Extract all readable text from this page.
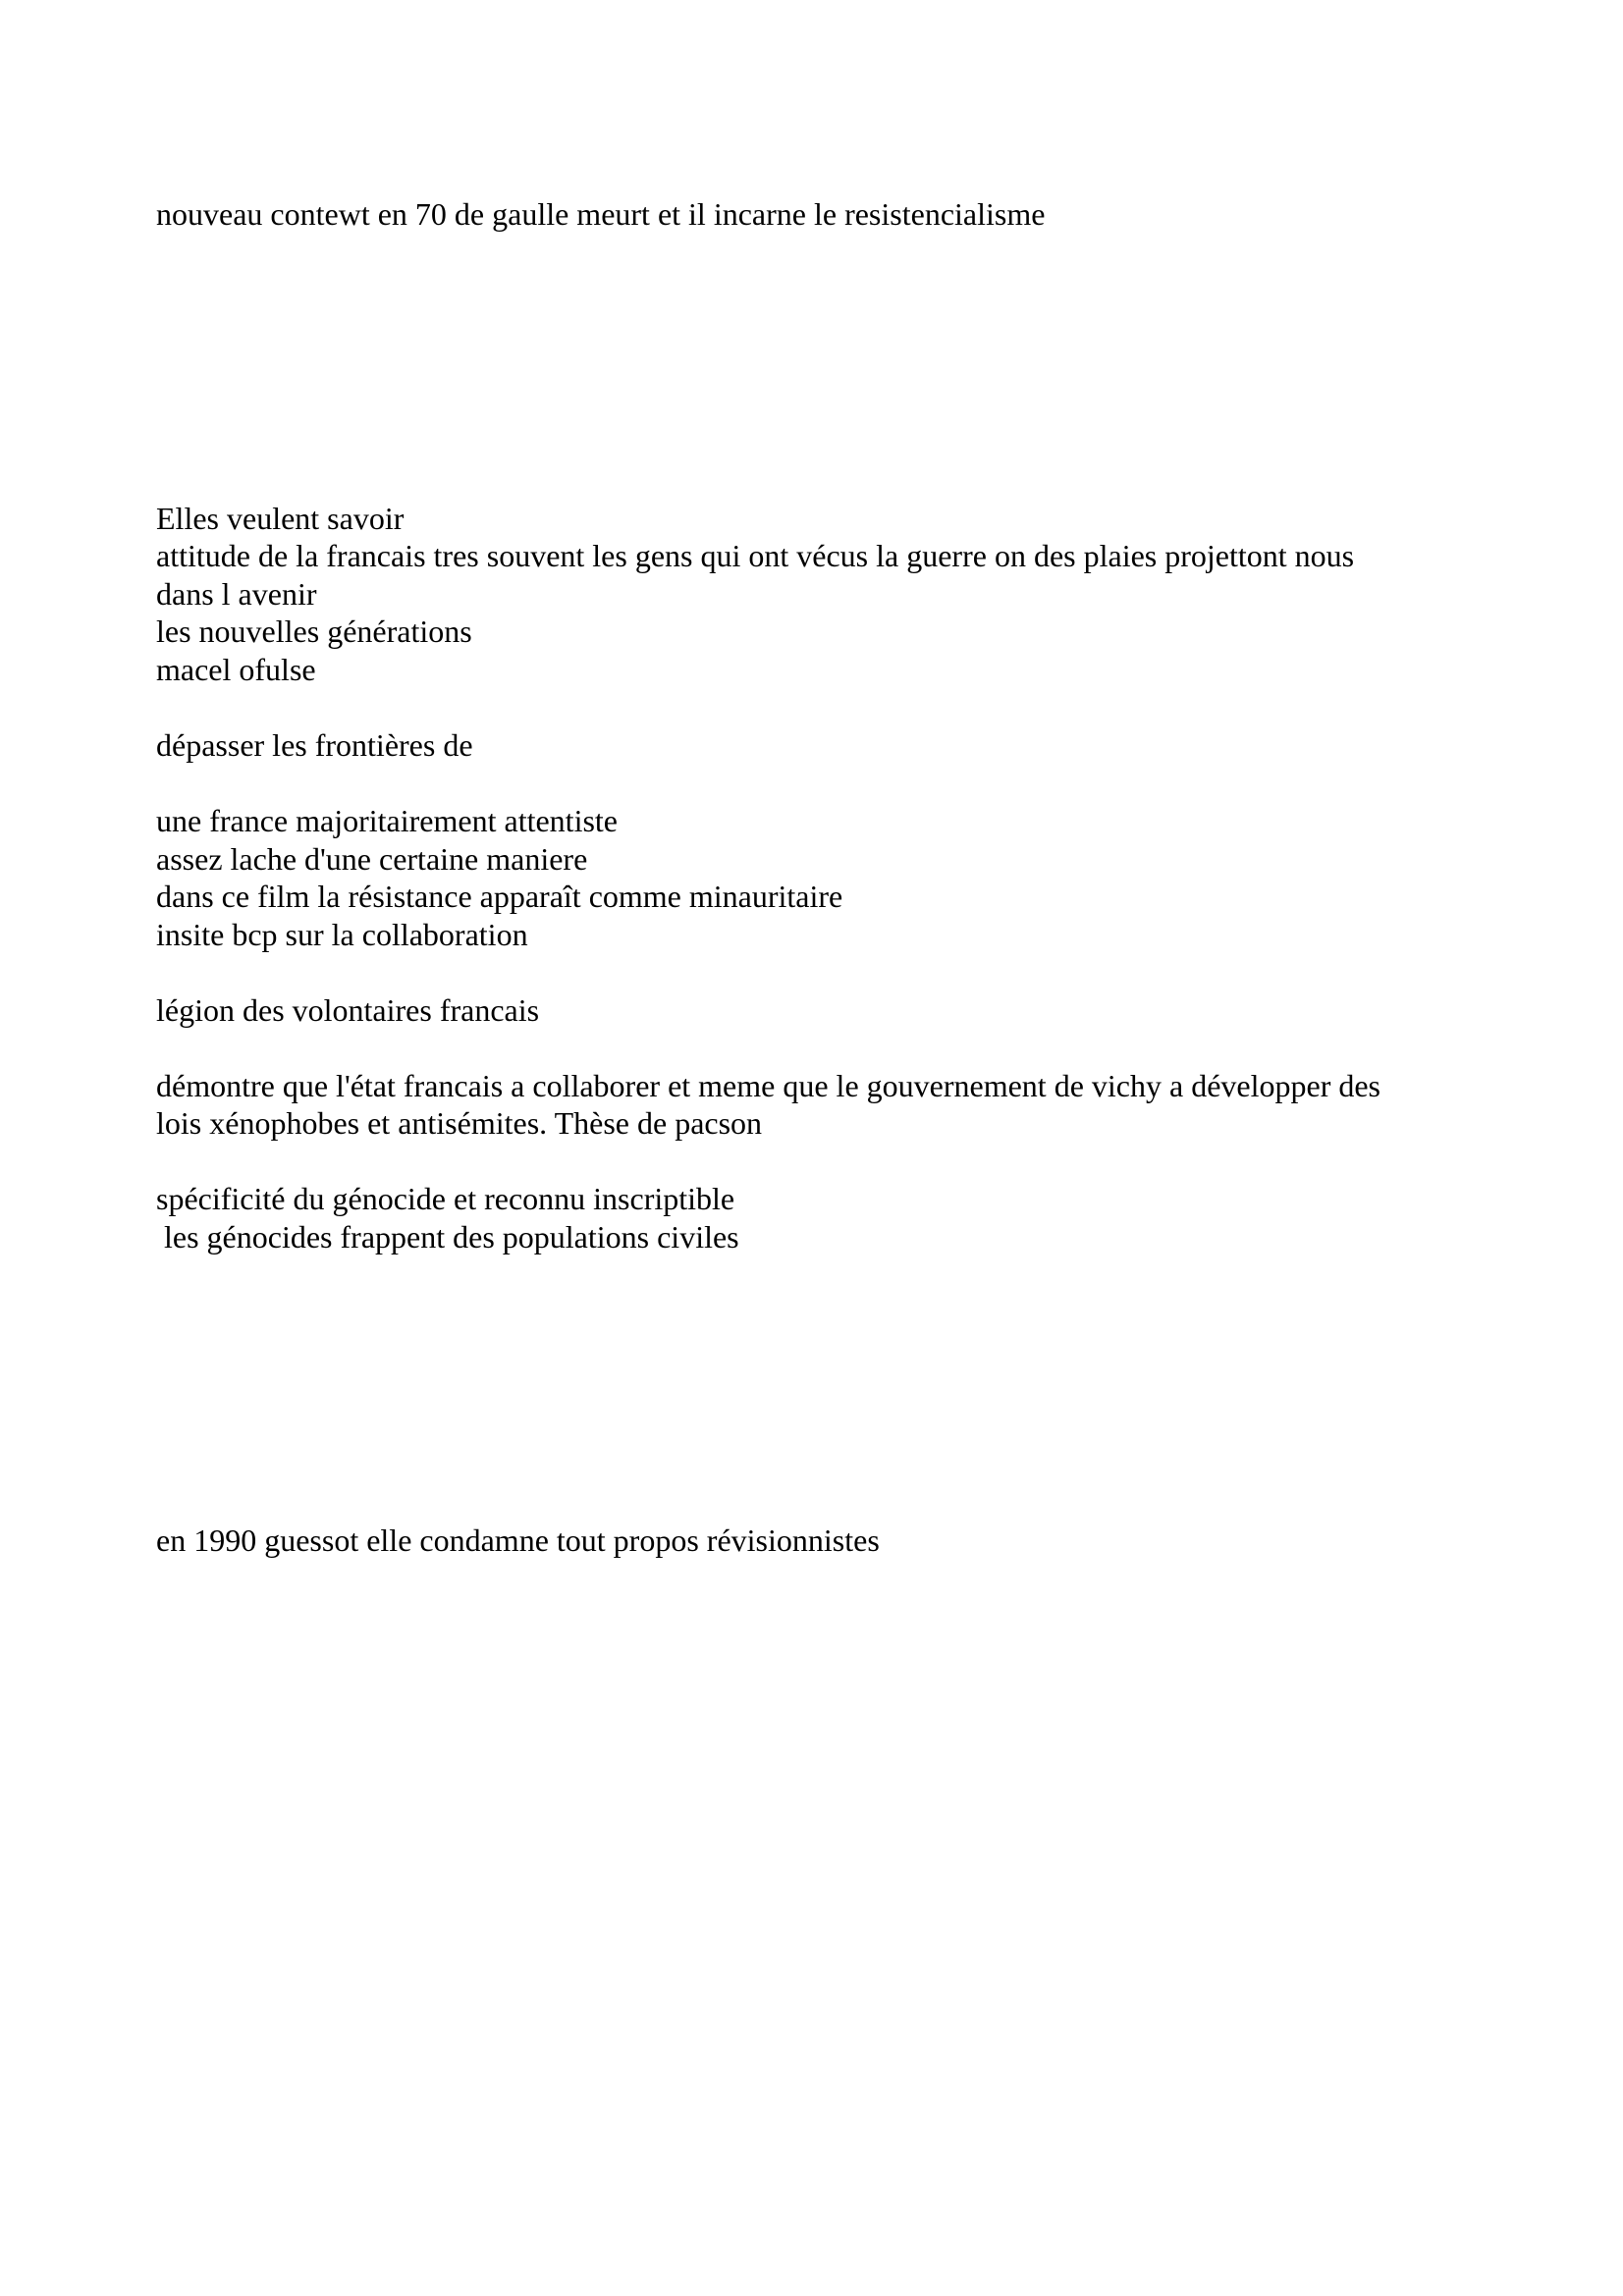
nouveau contewt en 70 de gaulle meurt et il incarne le resistencialisme
Elles veulent savoir
attitude de la francais tres souvent les gens qui ont vécus la guerre on des plaies projettont nous
dans l avenir
les nouvelles générations
macel ofulse
dépasser les frontières de
une france majoritairement attentiste
assez lache d'une certaine maniere
dans ce film la résistance apparaît comme minauritaire
insite bcp sur la collaboration
légion des volontaires francais
démontre que l'état francais a collaborer et meme que le gouvernement de vichy a développer des
lois xénophobes et antisémites. Thèse de pacson
spécificité du génocide et reconnu inscriptible
les génocides frappent des populations civiles
en 1990 guessot elle condamne tout propos révisionnistes
